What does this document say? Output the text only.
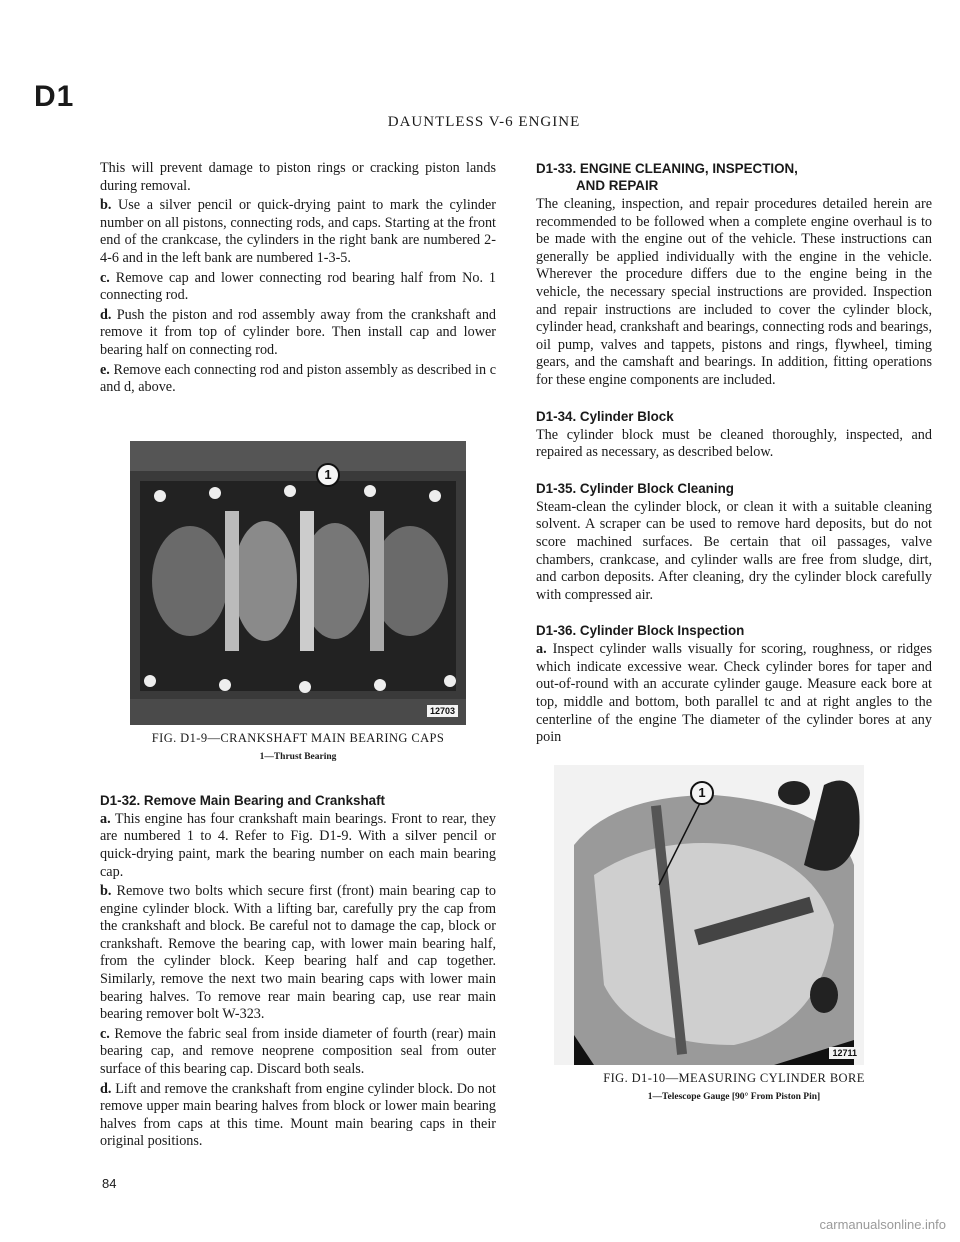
D1
DAUNTLESS V-6 ENGINE

This will prevent damage to piston rings or cracking piston lands during removal.

b. Use a silver pencil or quick-drying paint to mark the cylinder number on all pistons, connecting rods, and caps. Starting at the front end of the crankcase, the cylinders in the right bank are numbered 2-4-6 and in the left bank are numbered 1-3-5.

c. Remove cap and lower connecting rod bearing half from No. 1 connecting rod.

d. Push the piston and rod assembly away from the crankshaft and remove it from top of cylinder bore. Then install cap and lower bearing half on connecting rod.

e. Remove each connecting rod and piston assembly as described in c and d, above.

1
12703
FIG. D1-9—CRANKSHAFT MAIN BEARING CAPS
1—Thrust Bearing
D1-32. Remove Main Bearing and Crankshaft

a. This engine has four crankshaft main bearings. Front to rear, they are numbered 1 to 4. Refer to Fig. D1-9. With a silver pencil or quick-drying paint, mark the bearing number on each main bearing cap.

b. Remove two bolts which secure first (front) main bearing cap to engine cylinder block. With a lifting bar, carefully pry the cap from the crankshaft and block. Be careful not to damage the cap, block or crankshaft. Remove the bearing cap, with lower main bearing half, from the cylinder block. Keep bearing half and cap together. Similarly, remove the next two main bearing caps with lower main bearing halves. To remove rear main bearing cap, use rear main bearing remover bolt W-323.

c. Remove the fabric seal from inside diameter of fourth (rear) main bearing cap, and remove neoprene composition seal from outer surface of this bearing cap. Discard both seals.

d. Lift and remove the crankshaft from engine cylinder block. Do not remove upper main bearing halves from block or lower main bearing halves from caps at this time. Mount main bearing caps in their original positions.

84
D1-33. ENGINE CLEANING, INSPECTION,
AND REPAIR

The cleaning, inspection, and repair procedures detailed herein are recommended to be followed when a complete engine overhaul is to be made with the engine out of the vehicle. These instructions can generally be applied individually with the engine in the vehicle. Wherever the procedure differs due to the engine being in the vehicle, the necessary special instructions are provided. Inspection and repair instructions are included to cover the cylinder block, cylinder head, crankshaft and bearings, connecting rods and bearings, oil pump, valves and tappets, pistons and rings, flywheel, timing gears, and the camshaft and bearings. In addition, fitting operations for these engine components are included.

D1-34. Cylinder Block

The cylinder block must be cleaned thoroughly, inspected, and repaired as necessary, as described below.

D1-35. Cylinder Block Cleaning

Steam-clean the cylinder block, or clean it with a suitable cleaning solvent. A scraper can be used to remove hard deposits, but do not score machined surfaces. Be certain that oil passages, valve chambers, crankcase, and cylinder walls are free from sludge, dirt, and carbon deposits. After cleaning, dry the cylinder block carefully with compressed air.

D1-36. Cylinder Block Inspection

a. Inspect cylinder walls visually for scoring, roughness, or ridges which indicate excessive wear. Check cylinder bores for taper and out-of-round with an accurate cylinder gauge. Measure eack bore at top, middle and bottom, both parallel tc and at right angles to the centerline of the engine The diameter of the cylinder bores at any poin

1
12711
FIG. D1-10—MEASURING CYLINDER BORE
1—Telescope Gauge [90° From Piston Pin]
carmanualsonline.info
